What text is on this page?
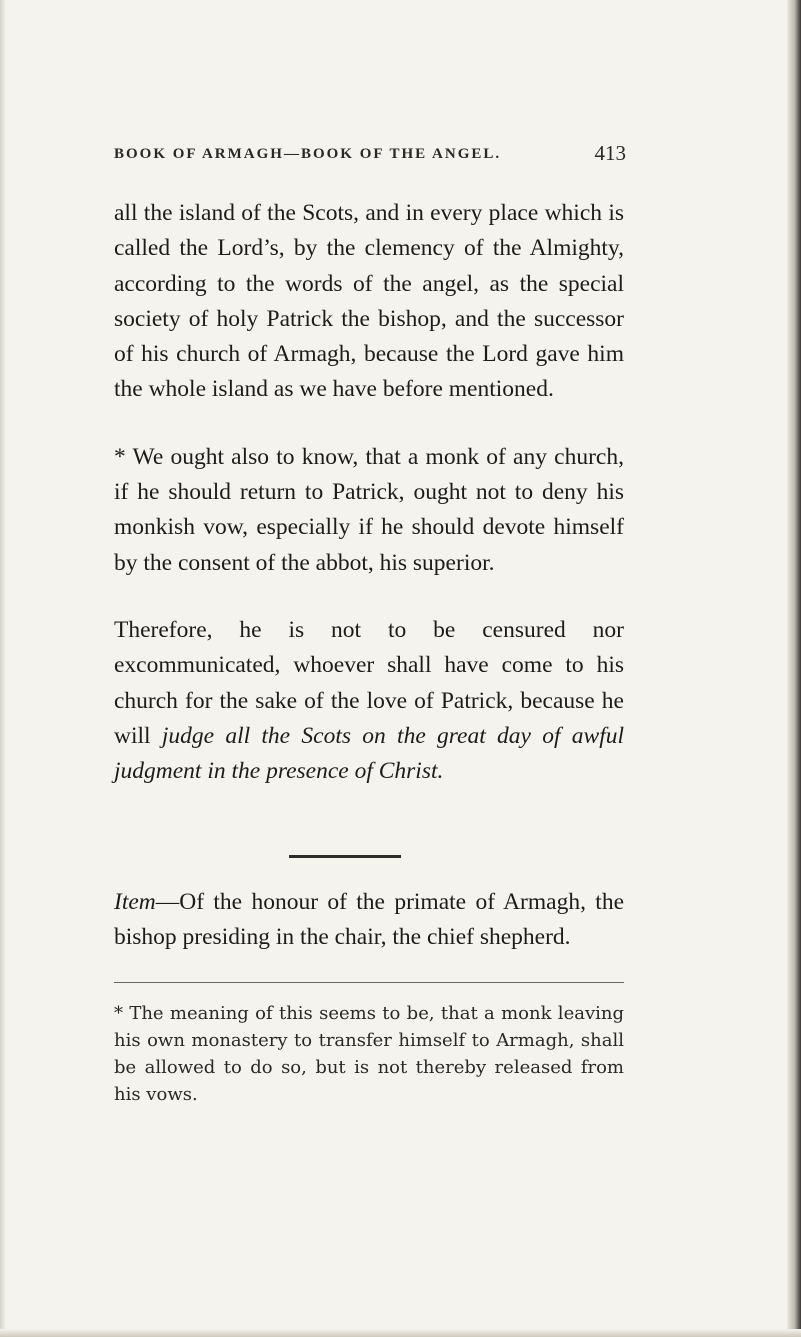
BOOK OF ARMAGH—BOOK OF THE ANGEL.	413

all the island of the Scots, and in every place which is called the Lord’s, by the clemency of the Almighty, according to the words of the angel, as the special society of holy Patrick the bishop, and the successor of his church of Armagh, because the Lord gave him the whole island as we have before mentioned.

* We ought also to know, that a monk of any church, if he should return to Patrick, ought not to deny his monkish vow, especially if he should devote himself by the consent of the abbot, his superior.

Therefore, he is not to be censured nor excommunicated, whoever shall have come to his church for the sake of the love of Patrick, because he will judge all the Scots on the great day of awful judgment in the presence of Christ.

Item—Of the honour of the primate of Armagh, the bishop presiding in the chair, the chief shepherd.
* The meaning of this seems to be, that a monk leaving his own monastery to transfer himself to Armagh, shall be allowed to do so, but is not thereby released from his vows.
